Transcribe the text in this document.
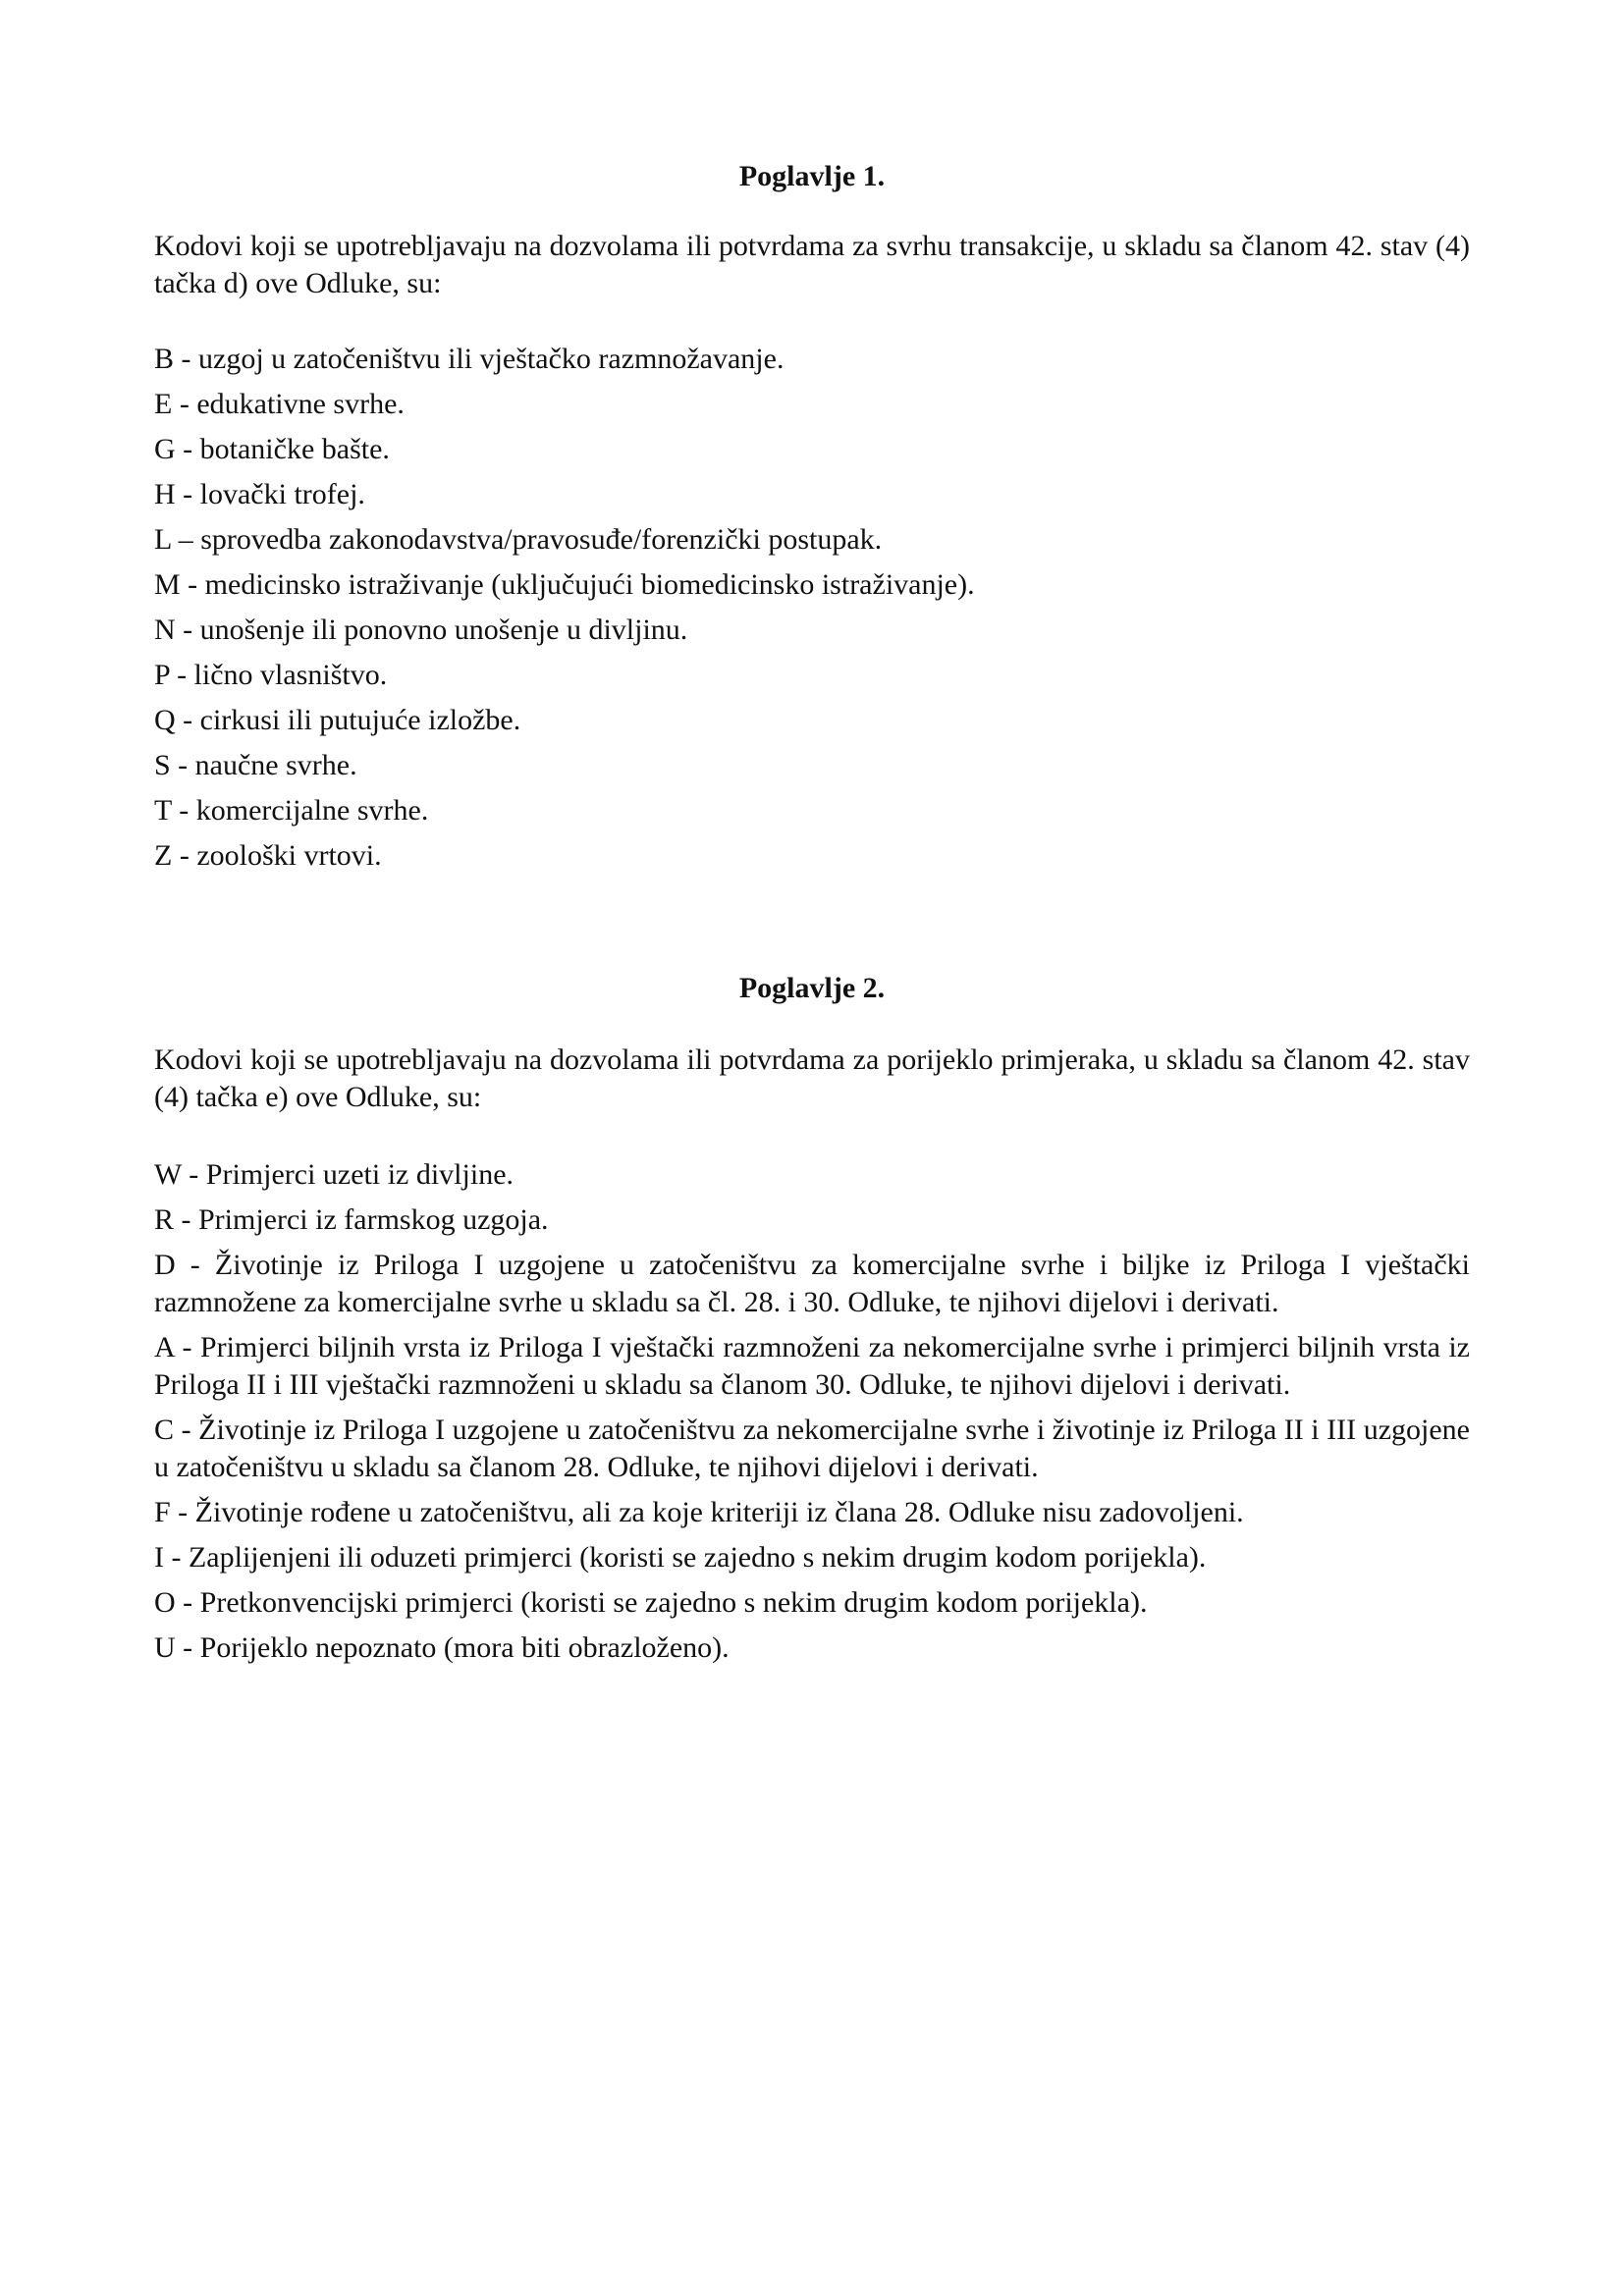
Poglavlje 1.

Kodovi koji se upotrebljavaju na dozvolama ili potvrdama za svrhu transakcije, u skladu sa članom 42. stav (4) tačka d) ove Odluke, su:

B - uzgoj u zatočeništvu ili vještačko razmnožavanje.
E - edukativne svrhe.
G - botaničke bašte.
H - lovački trofej.
L – sprovedba zakonodavstva/pravosuđe/forenzički postupak.
M - medicinsko istraživanje (uključujući biomedicinsko istraživanje).
N - unošenje ili ponovno unošenje u divljinu.
P - lično vlasništvo.
Q - cirkusi ili putujuće izložbe.
S - naučne svrhe.
T - komercijalne svrhe.
Z - zoološki vrtovi.
Poglavlje 2.

Kodovi koji se upotrebljavaju na dozvolama ili potvrdama za porijeklo primjeraka, u skladu sa članom 42. stav (4) tačka e) ove Odluke, su:

W - Primjerci uzeti iz divljine.
R - Primjerci iz farmskog uzgoja.
D - Životinje iz Priloga I uzgojene u zatočeništvu za komercijalne svrhe i biljke iz Priloga I vještački razmnožene za komercijalne svrhe u skladu sa čl. 28. i 30. Odluke, te njihovi dijelovi i derivati.
A - Primjerci biljnih vrsta iz Priloga I vještački razmnoženi za nekomercijalne svrhe i primjerci biljnih vrsta iz Priloga II i III vještački razmnoženi u skladu sa članom 30. Odluke, te njihovi dijelovi i derivati.
C - Životinje iz Priloga I uzgojene u zatočeništvu za nekomercijalne svrhe i životinje iz Priloga II i III uzgojene u zatočeništvu u skladu sa članom 28. Odluke, te njihovi dijelovi i derivati.
F - Životinje rođene u zatočeništvu, ali za koje kriteriji iz člana 28. Odluke nisu zadovoljeni.
I - Zaplijenjeni ili oduzeti primjerci (koristi se zajedno s nekim drugim kodom porijekla).
O - Pretkonvencijski primjerci (koristi se zajedno s nekim drugim kodom porijekla).
U - Porijeklo nepoznato (mora biti obrazloženo).
